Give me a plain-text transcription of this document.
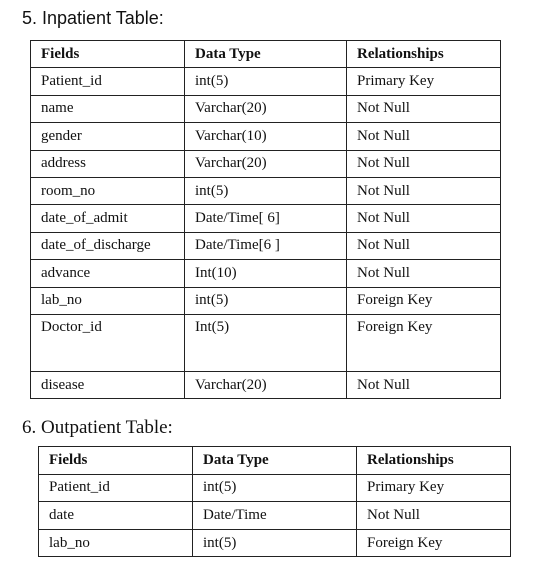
5. Inpatient Table:
Fields	Data Type	Relationships
Patient_id	int(5)	Primary Key
name	Varchar(20)	Not Null
gender	Varchar(10)	Not Null
address	Varchar(20)	Not Null
room_no	int(5)	Not Null
date_of_admit	Date/Time[ 6]	Not Null
date_of_discharge	Date/Time[6 ]	Not Null
advance	Int(10)	Not Null
lab_no	int(5)	Foreign Key
Doctor_id	Int(5)	Foreign Key
disease	Varchar(20)	Not Null
6. Outpatient Table:
Fields	Data Type	Relationships
Patient_id	int(5)	Primary Key
date	Date/Time	Not Null
lab_no	int(5)	Foreign Key
